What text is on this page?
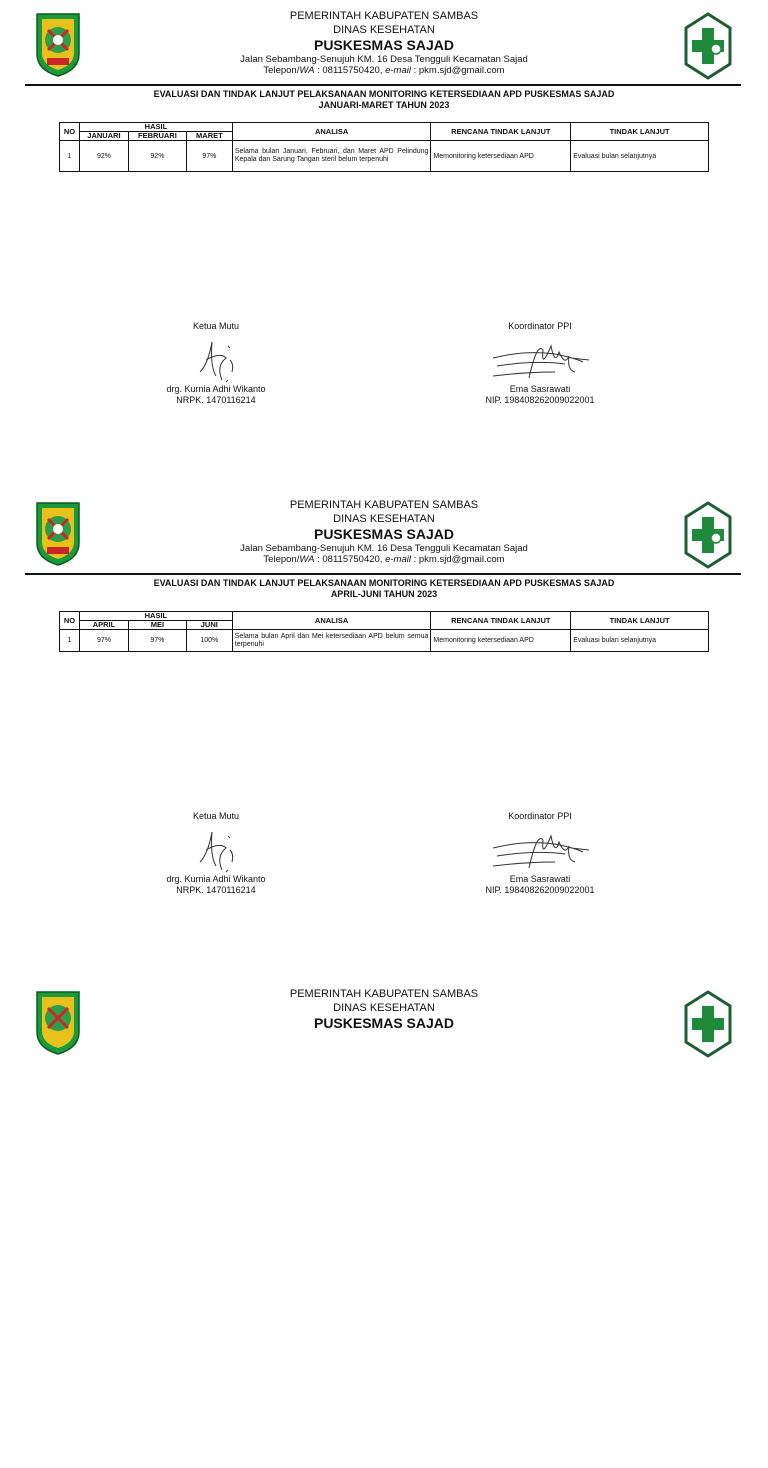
PEMERINTAH KABUPATEN SAMBAS
DINAS KESEHATAN
PUSKESMAS SAJAD
Jalan Sebambang-Senujuh KM. 16 Desa Tengguli Kecamatan Sajad
Telepon/WA : 08115750420, e-mail : pkm.sjd@gmail.com
EVALUASI DAN TINDAK LANJUT PELAKSANAAN MONITORING KETERSEDIAAN APD PUSKESMAS SAJAD
JANUARI-MARET TAHUN 2023
NO	HASIL			ANALISA	RENCANA TINDAK LANJUT	TINDAK LANJUT
	JANUARI	FEBRUARI	MARET			
1	92%	92%	97%	Selama bulan Januari, Februari, dan Maret APD Pelindung Kepala dan Sarung Tangan steril belum terpenuhi	Memonitoring ketersediaan APD	Evaluasi bulan selanjutnya
Ketua Mutu
drg. Kurnia Adhi Wikanto
NRPK. 1470116214
Koordinator PPI
Ema Sasrawati
NIP. 198408262009022001
PEMERINTAH KABUPATEN SAMBAS
DINAS KESEHATAN
PUSKESMAS SAJAD
Jalan Sebambang-Senujuh KM. 16 Desa Tengguli Kecamatan Sajad
Telepon/WA : 08115750420, e-mail : pkm.sjd@gmail.com
EVALUASI DAN TINDAK LANJUT PELAKSANAAN MONITORING KETERSEDIAAN APD PUSKESMAS SAJAD
APRIL-JUNI TAHUN 2023
NO	HASIL			ANALISA	RENCANA TINDAK LANJUT	TINDAK LANJUT
	APRIL	MEI	JUNI			
1	97%	97%	100%	Selama bulan April dan Mei ketersediaan APD belum semua terpenuhi	Memonitoring ketersediaan APD	Evaluasi bulan selanjutnya
Ketua Mutu
drg. Kurnia Adhi Wikanto
NRPK. 1470116214
Koordinator PPI
Ema Sasrawati
NIP. 198408262009022001
PEMERINTAH KABUPATEN SAMBAS
DINAS KESEHATAN
PUSKESMAS SAJAD
